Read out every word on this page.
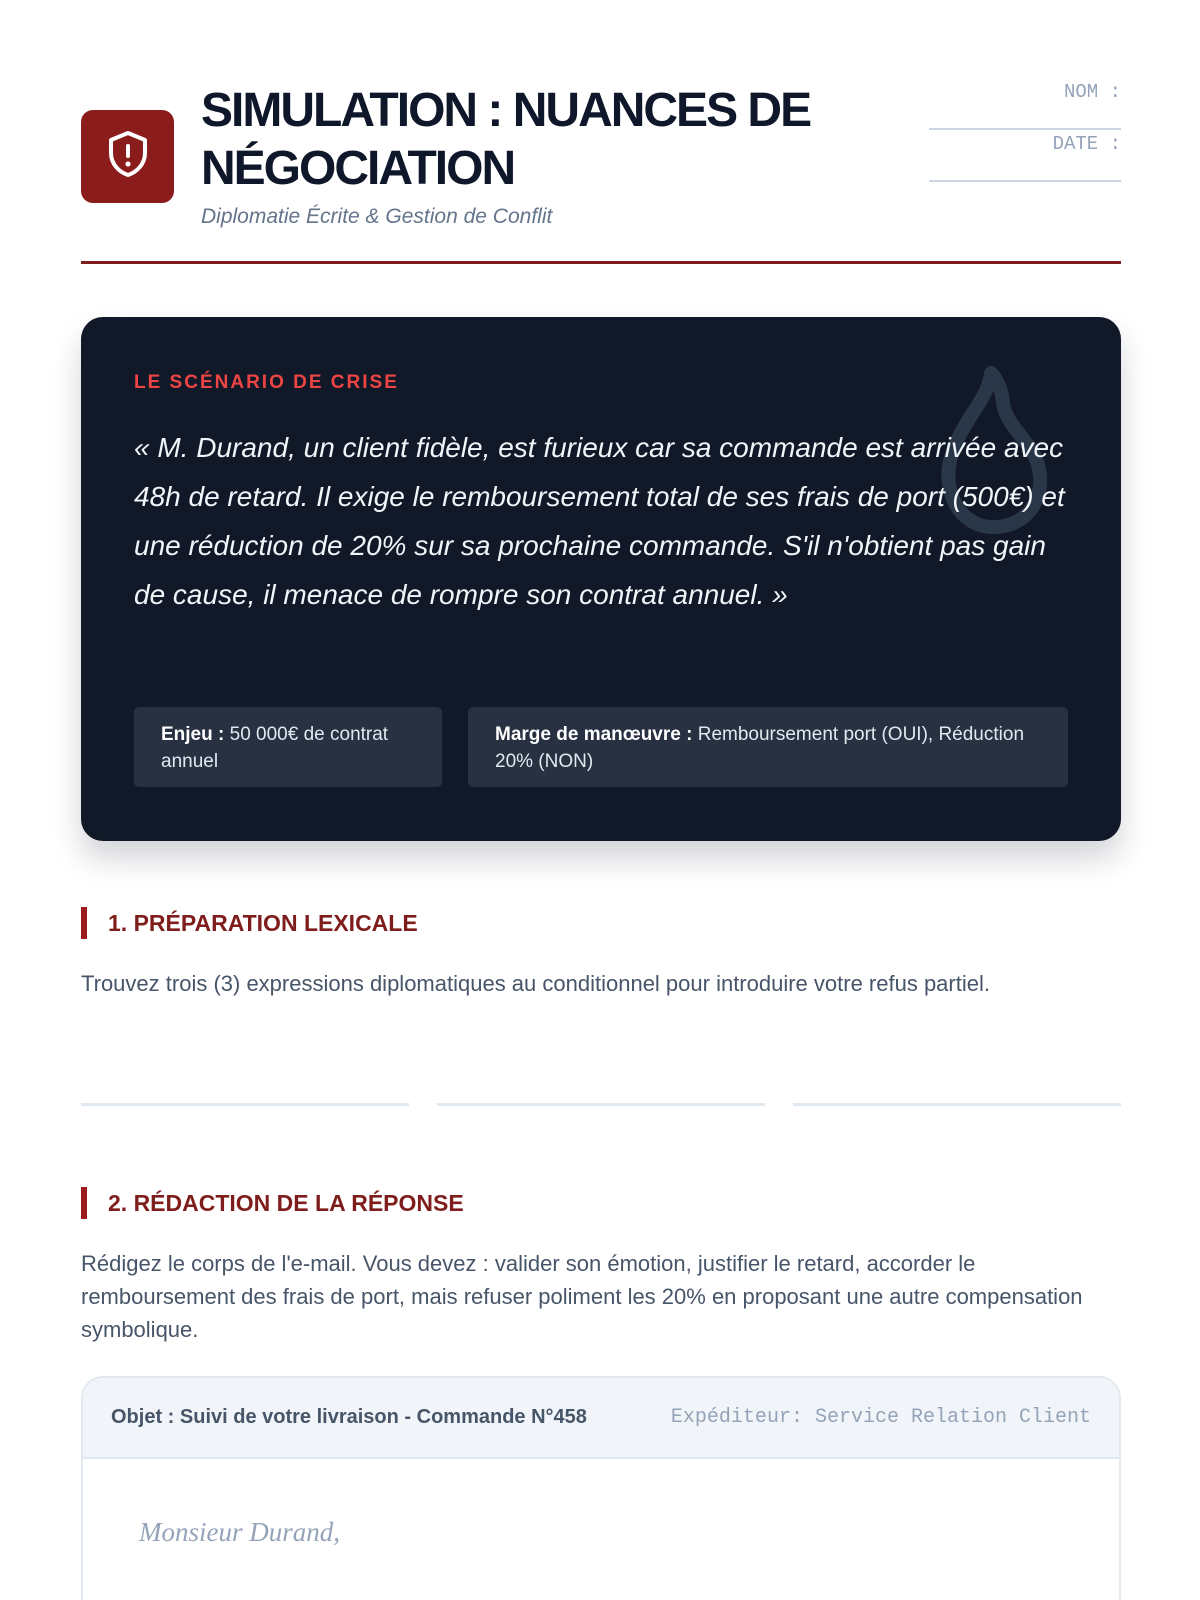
SIMULATION : NUANCES DE NÉGOCIATION
Diplomatie Écrite & Gestion de Conflit
NOM :
DATE :
LE SCÉNARIO DE CRISE

« M. Durand, un client fidèle, est furieux car sa commande est arrivée avec 48h de retard. Il exige le remboursement total de ses frais de port (500€) et une réduction de 20% sur sa prochaine commande. S'il n'obtient pas gain de cause, il menace de rompre son contrat annuel. »

Enjeu : 50 000€ de contrat annuel
Marge de manœuvre : Remboursement port (OUI), Réduction 20% (NON)
1. PRÉPARATION LEXICALE

Trouvez trois (3) expressions diplomatiques au conditionnel pour introduire votre refus partiel.

2. RÉDACTION DE LA RÉPONSE

Rédigez le corps de l'e-mail. Vous devez : valider son émotion, justifier le retard, accorder le remboursement des frais de port, mais refuser poliment les 20% en proposant une autre compensation symbolique.

Objet : Suivi de votre livraison - Commande N°458	Expéditeur: Service Relation Client
Monsieur Durand,
